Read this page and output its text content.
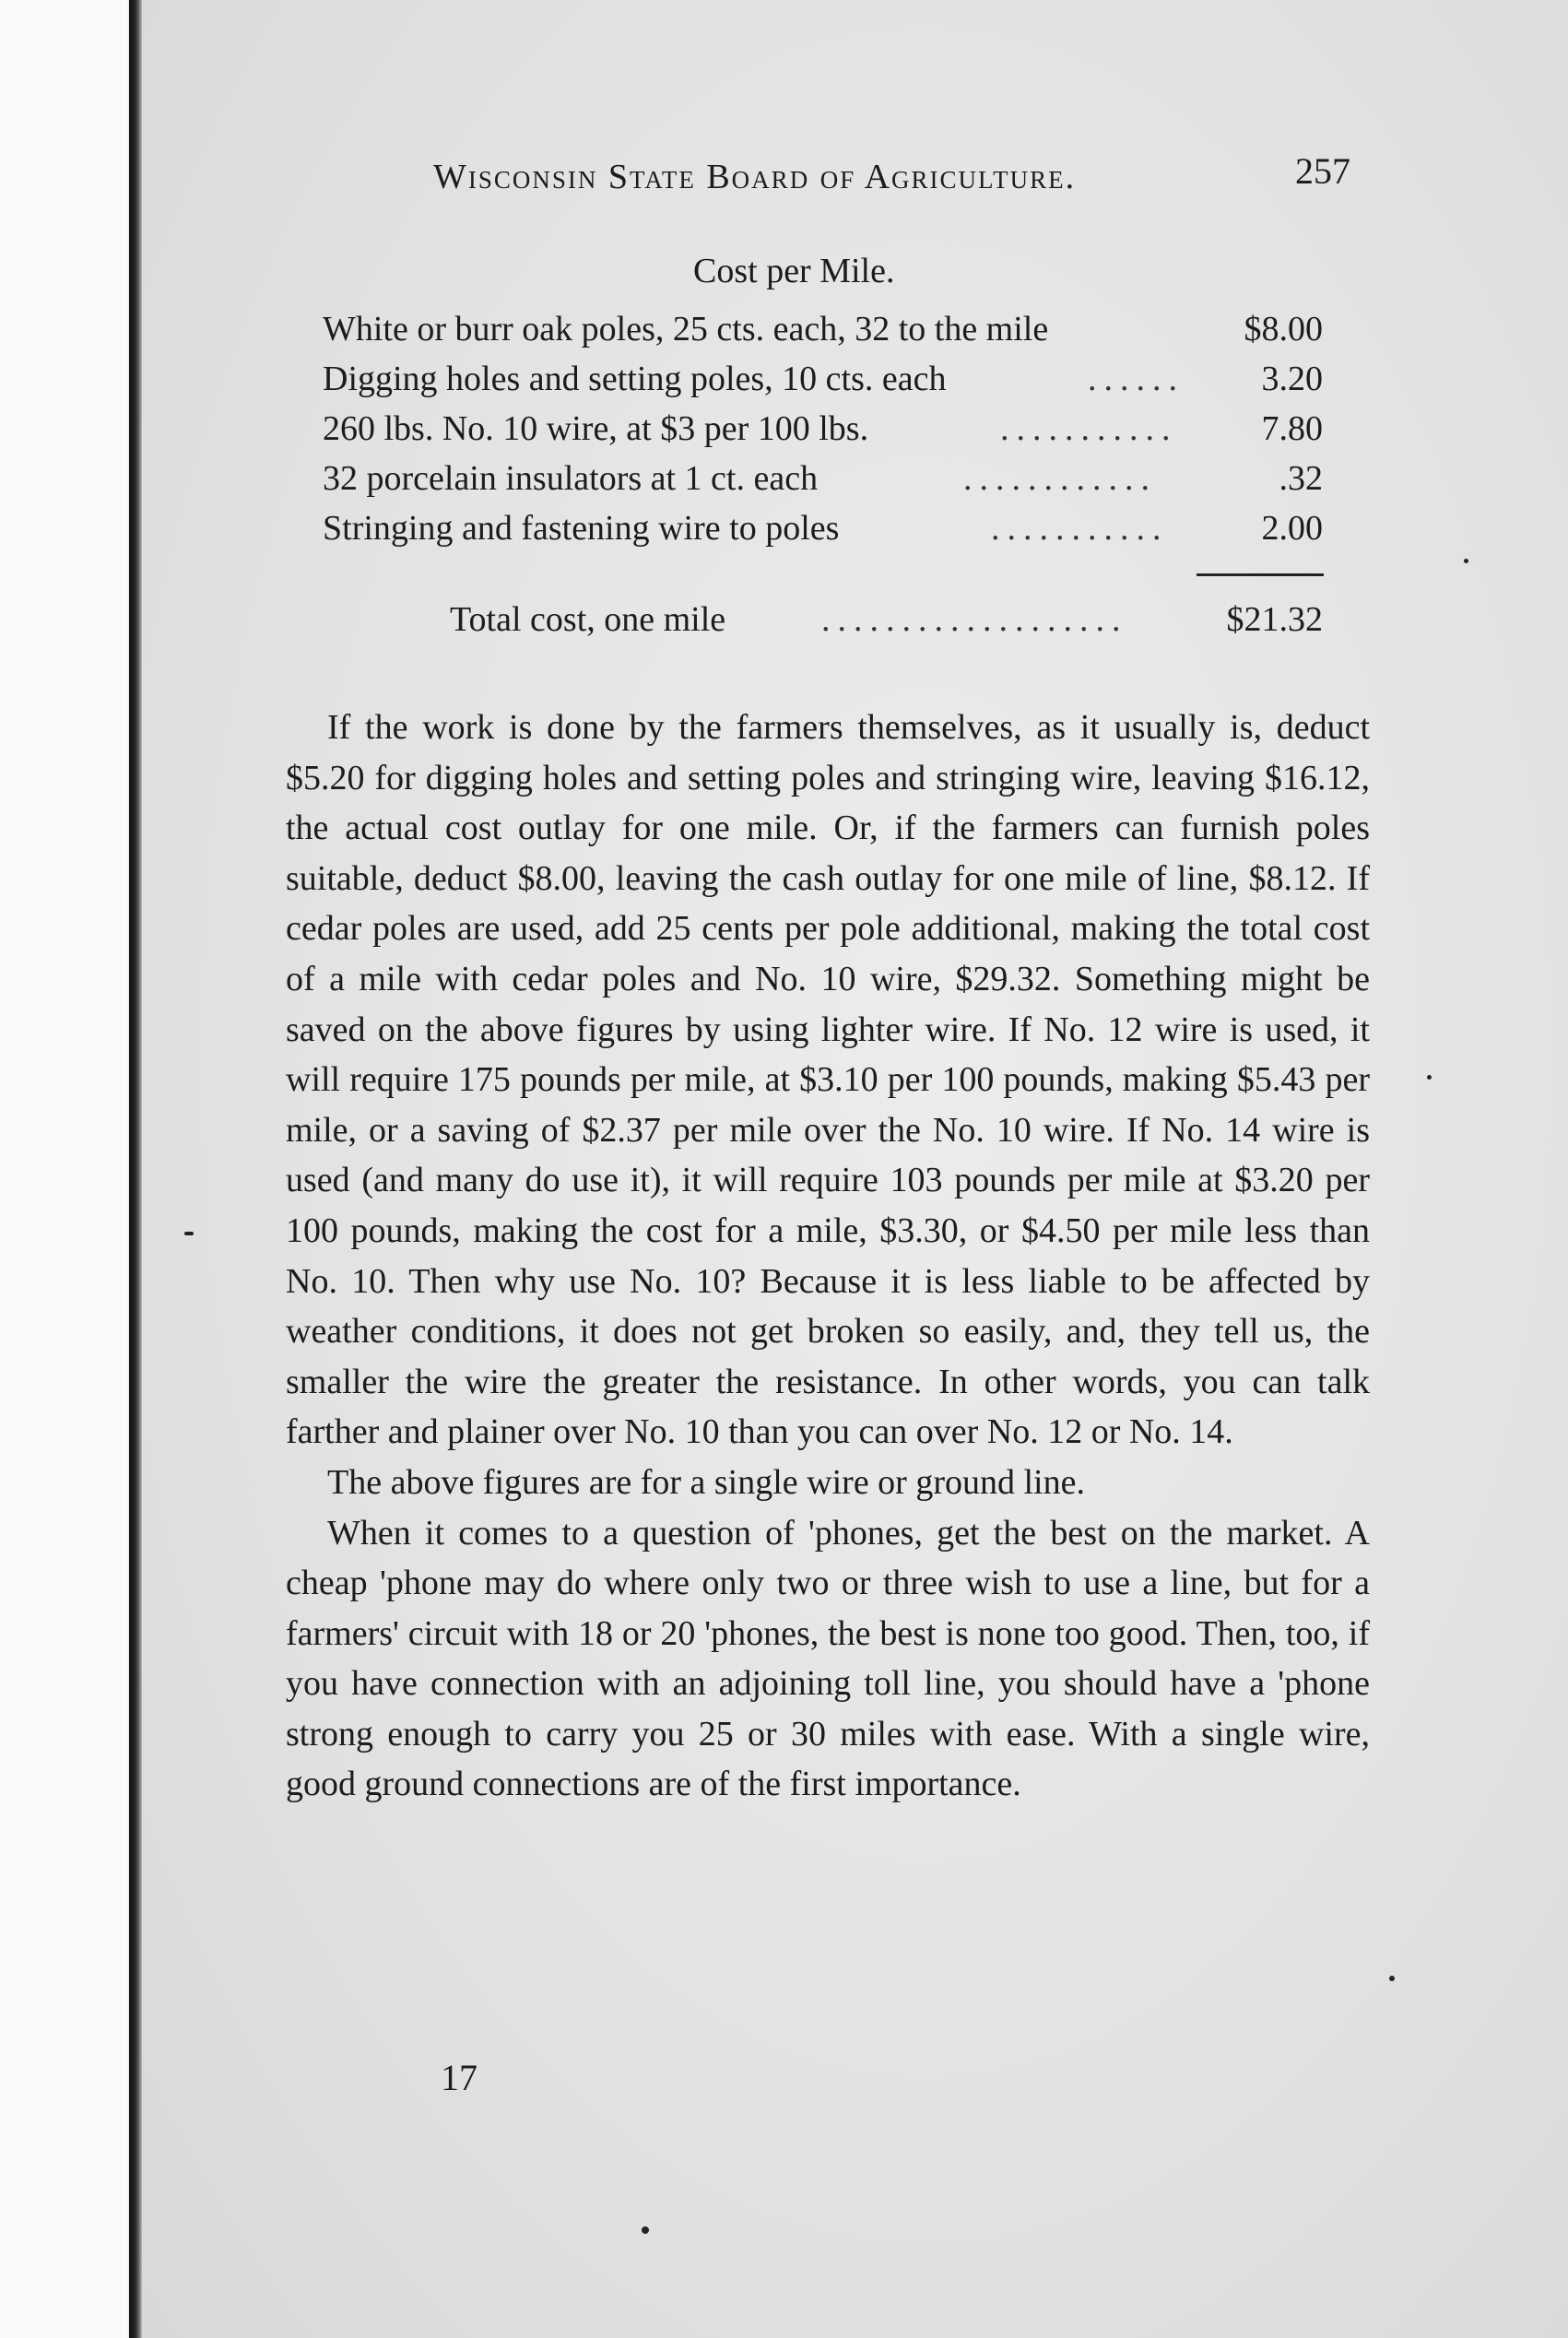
Wisconsin State Board of Agriculture.	257
Cost per Mile.
White or burr oak poles, 25 cts. each, 32 to the mile	$8.00
Digging holes and setting poles, 10 cts. each	...... 3.20
260 lbs. No. 10 wire, at $3 per 100 lbs.	........... 7.80
32 porcelain insulators at 1 ct. each	............	.32
Stringing and fastening wire to poles	...........	2.00
Total cost, one mile	...................	$21.32

If the work is done by the farmers themselves, as it usually is, deduct $5.20 for digging holes and setting poles and stringing wire, leaving $16.12, the actual cost outlay for one mile. Or, if the farmers can furnish poles suitable, deduct $8.00, leaving the cash outlay for one mile of line, $8.12. If cedar poles are used, add 25 cents per pole additional, making the total cost of a mile with cedar poles and No. 10 wire, $29.32. Something might be saved on the above figures by using lighter wire. If No. 12 wire is used, it will require 175 pounds per mile, at $3.10 per 100 pounds, making $5.43 per mile, or a saving of $2.37 per mile over the No. 10 wire. If No. 14 wire is used (and many do use it), it will require 103 pounds per mile at $3.20 per 100 pounds, making the cost for a mile, $3.30, or $4.50 per mile less than No. 10. Then why use No. 10? Because it is less liable to be affected by weather conditions, it does not get broken so easily, and, they tell us, the smaller the wire the greater the resistance. In other words, you can talk farther and plainer over No. 10 than you can over No. 12 or No. 14.

The above figures are for a single wire or ground line.

When it comes to a question of 'phones, get the best on the market. A cheap 'phone may do where only two or three wish to use a line, but for a farmers' circuit with 18 or 20 'phones, the best is none too good. Then, too, if you have connection with an adjoining toll line, you should have a 'phone strong enough to carry you 25 or 30 miles with ease. With a single wire, good ground connections are of the first importance.

17
